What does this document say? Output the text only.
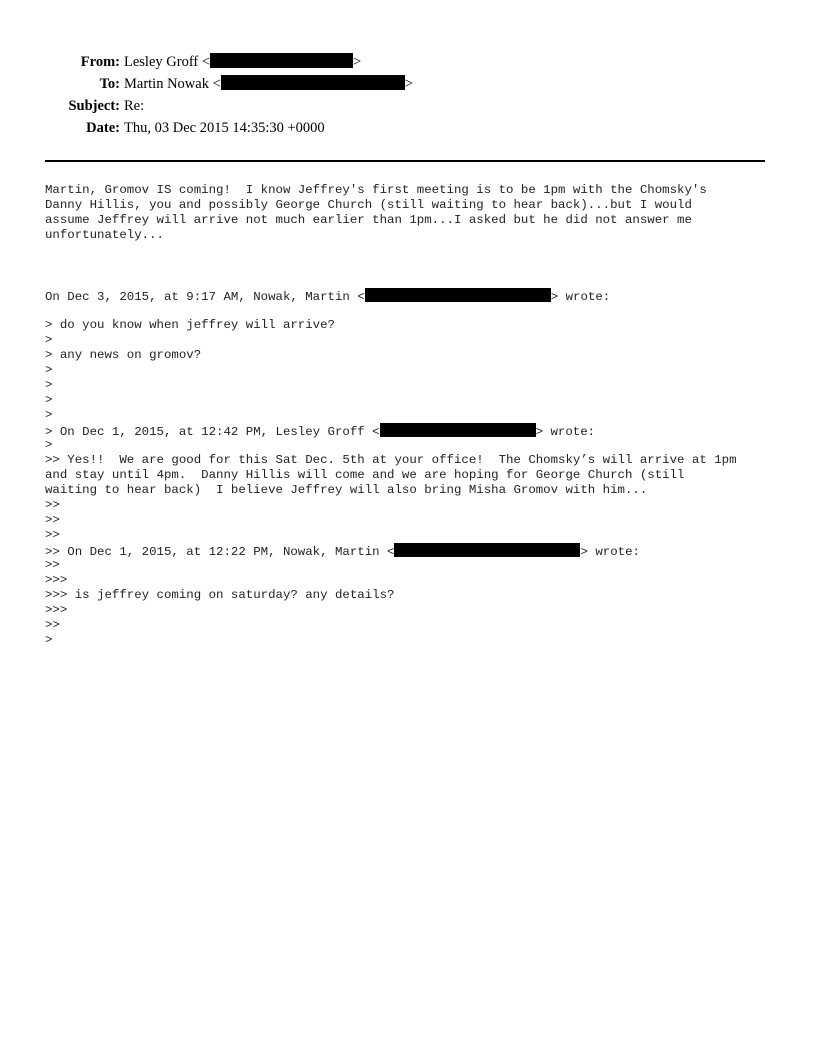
From: Lesley Groff <	>
To: Martin Nowak <	>
Subject: Re:
Date: Thu, 03 Dec 2015 14:35:30 +0000
Martin, Gromov IS coming!  I know Jeffrey's first meeting is to be 1pm with the Chomsky's
Danny Hillis, you and possibly George Church (still waiting to hear back)...but I would
assume Jeffrey will arrive not much earlier than 1pm...I asked but he did not answer me
unfortunately...
On Dec 3, 2015, at 9:17 AM, Nowak, Martin <	> wrote:
> do you know when jeffrey will arrive?
>
> any news on gromov?
>
>
>
>
> On Dec 1, 2015, at 12:42 PM, Lesley Groff <	> wrote:
>
>> Yes!!  We are good for this Sat Dec. 5th at your office!  The Chomsky’s will arrive at 1pm
and stay until 4pm.  Danny Hillis will come and we are hoping for George Church (still
waiting to hear back)  I believe Jeffrey will also bring Misha Gromov with him...
>>
>>
>>
>> On Dec 1, 2015, at 12:22 PM, Nowak, Martin <	> wrote:
>>
>>>
>>> is jeffrey coming on saturday? any details?
>>>
>>
>
